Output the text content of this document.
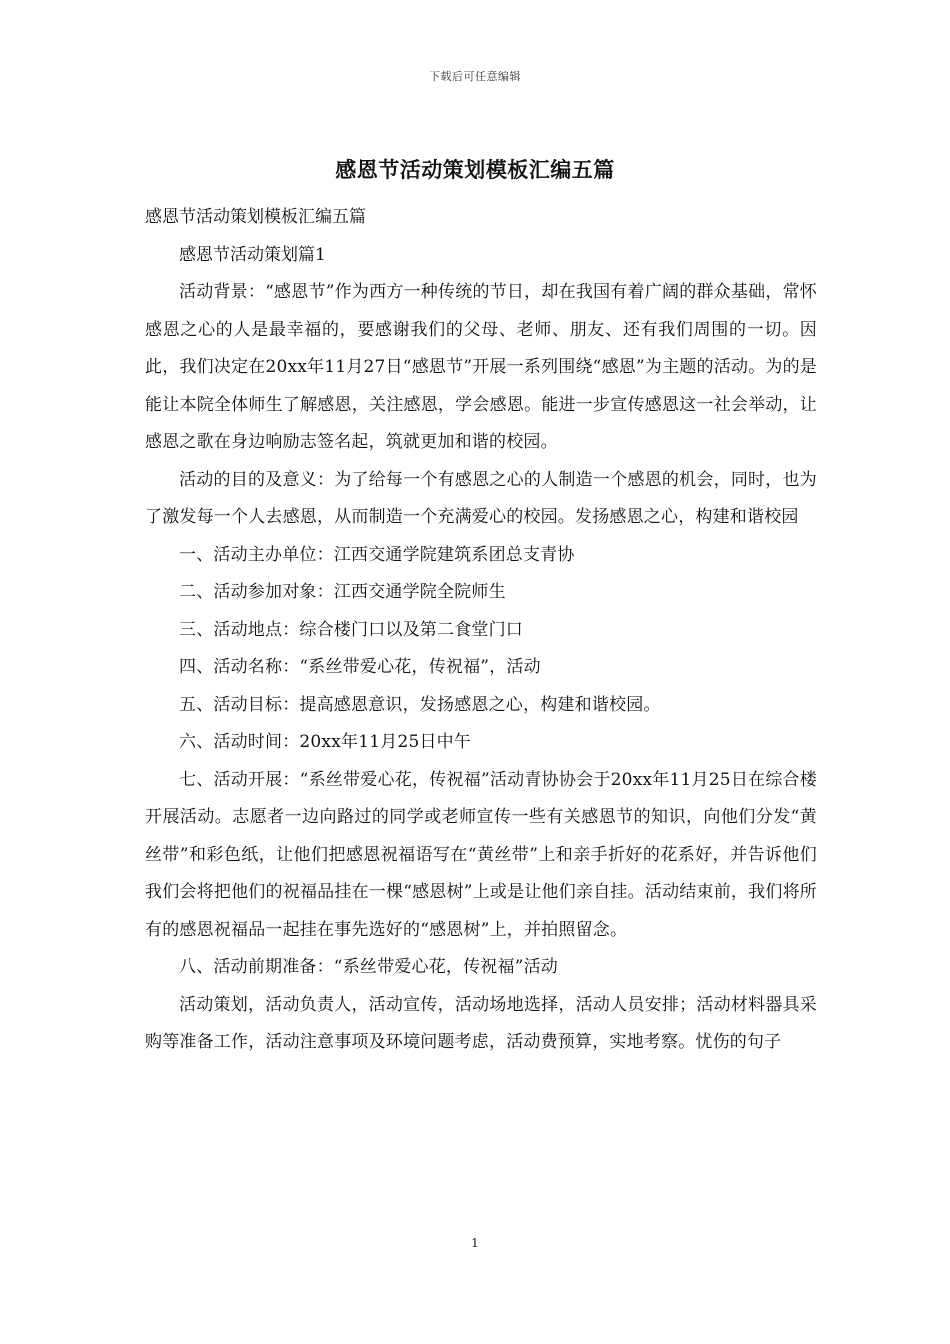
下载后可任意编辑
感恩节活动策划模板汇编五篇

感恩节活动策划模板汇编五篇

感恩节活动策划篇1

活动背景：“感恩节”作为西方一种传统的节日，却在我国有着广阔的群众基础，常怀感恩之心的人是最幸福的，要感谢我们的父母、老师、朋友、还有我们周围的一切。因此，我们决定在20xx年11月27日“感恩节”开展一系列围绕“感恩”为主题的活动。为的是能让本院全体师生了解感恩，关注感恩，学会感恩。能进一步宣传感恩这一社会举动，让感恩之歌在身边响励志签名起，筑就更加和谐的校园。

活动的目的及意义：为了给每一个有感恩之心的人制造一个感恩的机会，同时，也为了激发每一个人去感恩，从而制造一个充满爱心的校园。发扬感恩之心，构建和谐校园

一、活动主办单位：江西交通学院建筑系团总支青协

二、活动参加对象：江西交通学院全院师生

三、活动地点：综合楼门口以及第二食堂门口

四、活动名称：“系丝带爱心花，传祝福”，活动

五、活动目标：提高感恩意识，发扬感恩之心，构建和谐校园。

六、活动时间：20xx年11月25日中午

七、活动开展：“系丝带爱心花，传祝福”活动青协协会于20xx年11月25日在综合楼开展活动。志愿者一边向路过的同学或老师宣传一些有关感恩节的知识，向他们分发“黄丝带”和彩色纸，让他们把感恩祝福语写在“黄丝带”上和亲手折好的花系好，并告诉他们我们会将把他们的祝福品挂在一棵“感恩树”上或是让他们亲自挂。活动结束前，我们将所有的感恩祝福品一起挂在事先选好的“感恩树”上，并拍照留念。

八、活动前期准备：“系丝带爱心花，传祝福”活动

活动策划，活动负责人，活动宣传，活动场地选择，活动人员安排；活动材料器具采购等准备工作，活动注意事项及环境问题考虑，活动费预算，实地考察。忧伤的句子

1
